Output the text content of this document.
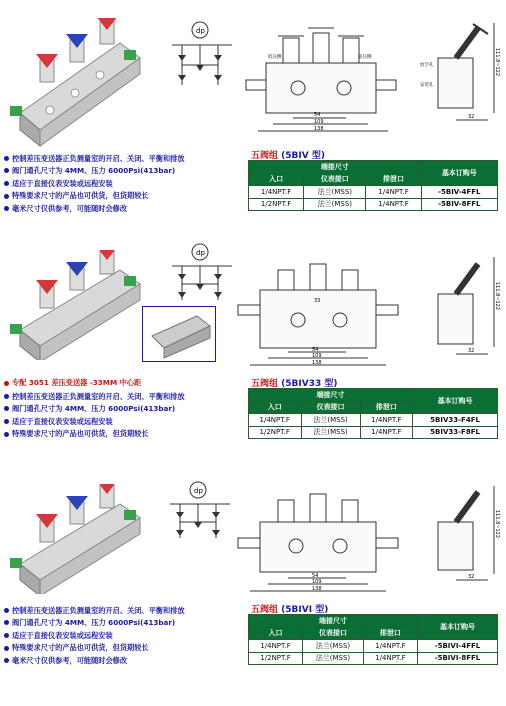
dp
54
109
138
低压侧	高压侧	111.8~122
32
放空孔
安装孔
控制差压变送器正负测量室的开启、关闭、平衡和排放
阀门通孔尺寸为 4MM、压力 6000Psi(413bar)
适应于直接仪表安装或远程安装
特殊要求尺寸的产品也可供货，但货期较长
毫米尺寸仅供参考，可能随时会修改
五阀组 (5BIV 型)
端接尺寸			基本订购号
入口	仪表接口	排泄口	
1/4NPT.F	法兰(MSS)	1/4NPT.F	-5BIV-4FFL
1/2NPT.F	法兰(MSS)	1/4NPT.F	-5BIV-8FFL
dp
33
54
109
138
111.8~122
32
专配 3051 差压变送器 -33MM 中心距
控制差压变送器正负测量室的开启、关闭、平衡和排放
阀门通孔尺寸为 4MM、压力 6000Psi(413bar)
适应于直接仪表安装或远程安装
特殊要求尺寸的产品也可供货，但货期较长
五阀组 (5BIV33 型)
端接尺寸			基本订购号
入口	仪表接口	排泄口	
1/4NPT.F	法兰(MSS)	1/4NPT.F	5BIV33-F4FL
1/2NPT.F	法兰(MSS)	1/4NPT.F	5BIV33-F8FL
dp
54
109
138
111.8~122
32
控制差压变送器正负测量室的开启、关闭、平衡和排放
阀门通孔尺寸为 4MM、压力 6000Psi(413bar)
适应于直接仪表安装或远程安装
特殊要求尺寸的产品也可供货，但货期较长
毫米尺寸仅供参考，可能随时会修改
五阀组 (5BIVⅠ 型)
端接尺寸			基本订购号
入口	仪表接口	排泄口	
1/4NPT.F	法兰(MSS)	1/4NPT.F	-5BIVⅠ-4FFL
1/2NPT.F	法兰(MSS)	1/4NPT.F	-5BIVⅠ-8FFL
